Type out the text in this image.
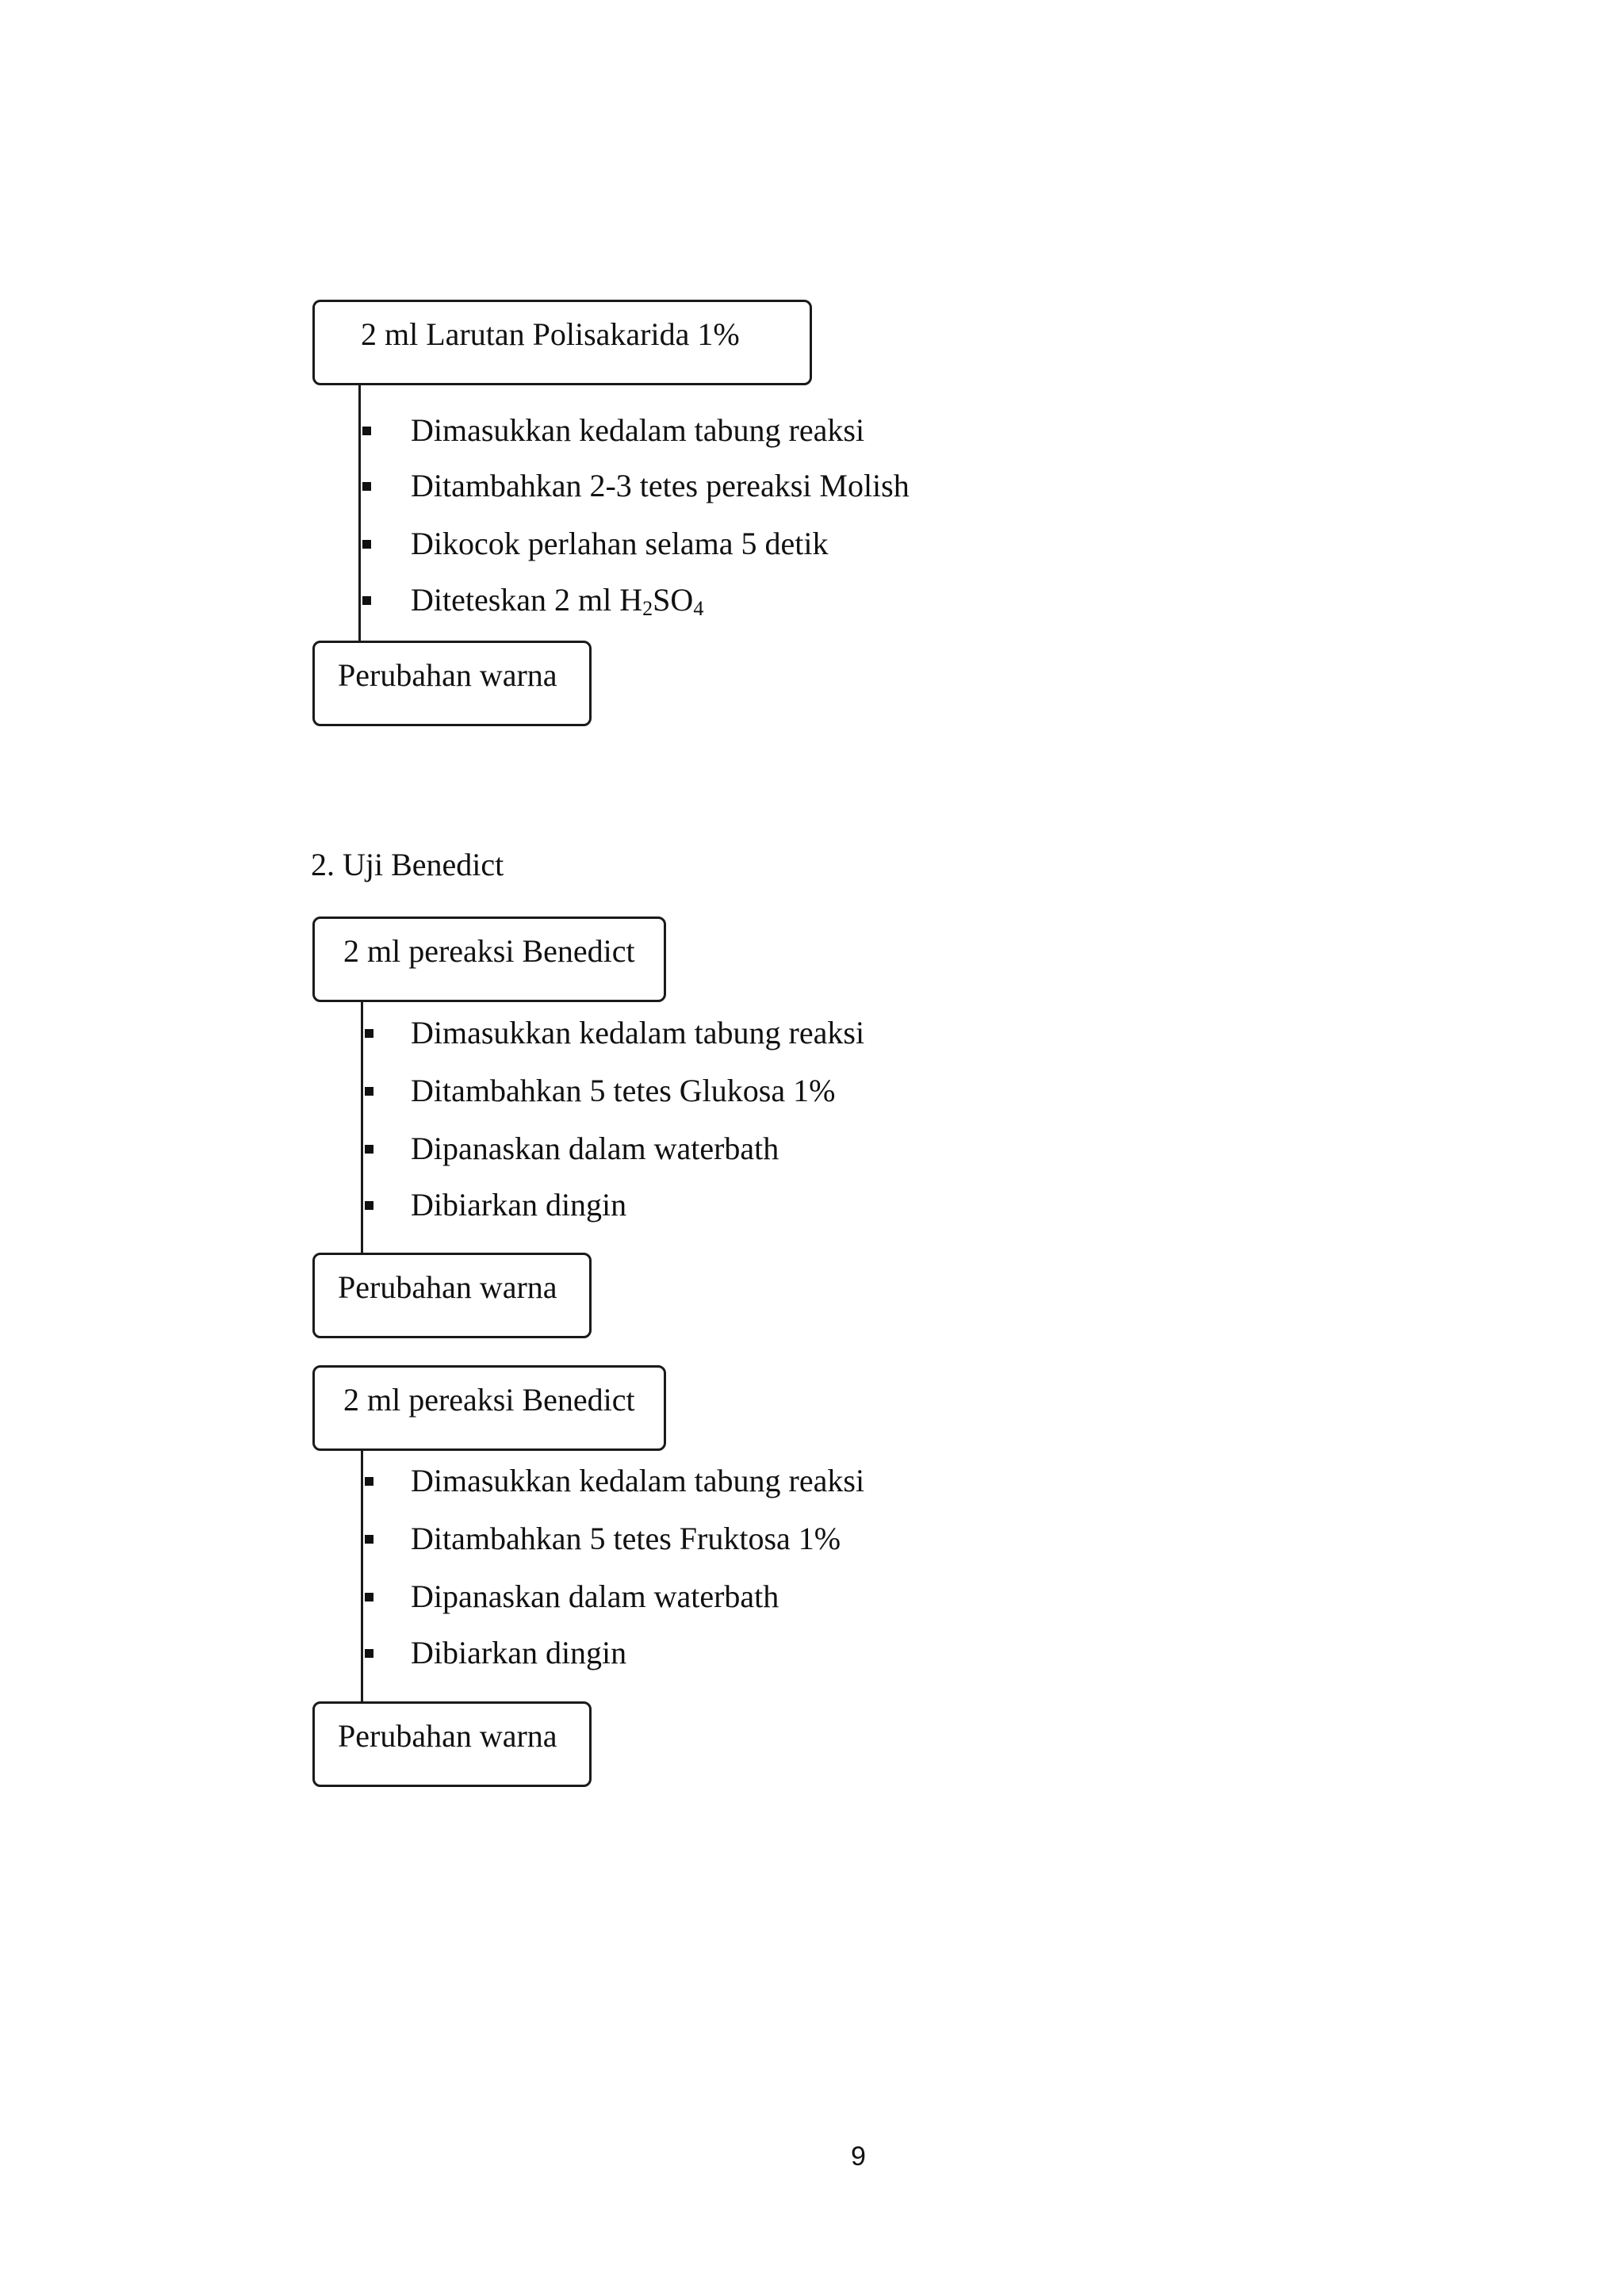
2 ml Larutan Polisakarida 1%
Dimasukkan kedalam tabung reaksi
Ditambahkan 2-3 tetes pereaksi Molish
Dikocok perlahan selama 5 detik
Diteteskan 2 ml $H_2SO_4$
Perubahan warna
2. Uji Benedict
2 ml pereaksi Benedict
Dimasukkan kedalam tabung reaksi
Ditambahkan 5 tetes Glukosa 1%
Dipanaskan dalam waterbath
Dibiarkan dingin
Perubahan warna
2 ml pereaksi Benedict
Dimasukkan kedalam tabung reaksi
Ditambahkan 5 tetes Fruktosa 1%
Dipanaskan dalam waterbath
Dibiarkan dingin
Perubahan warna
9
